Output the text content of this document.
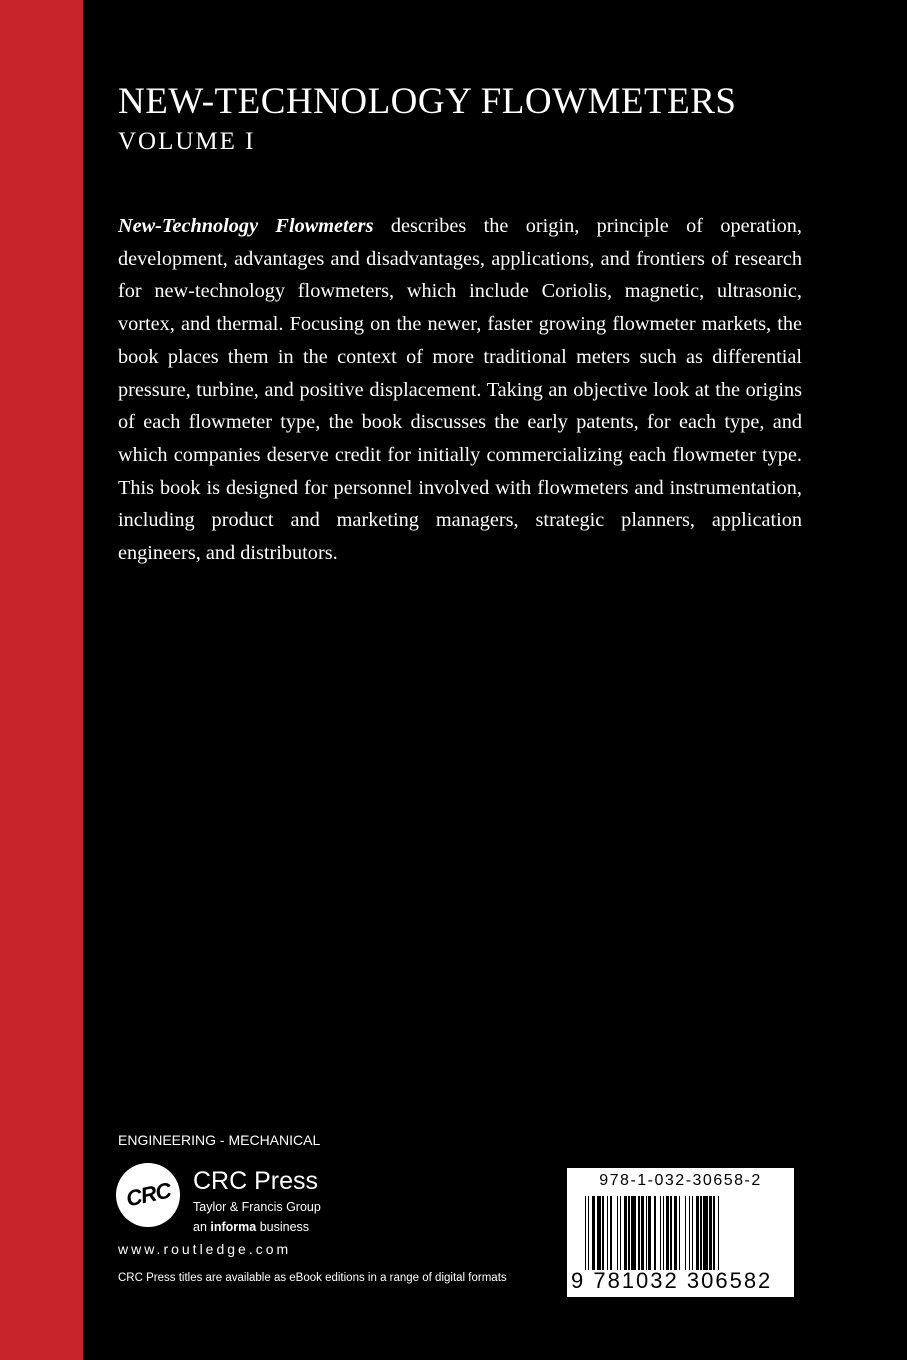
NEW-TECHNOLOGY FLOWMETERS
VOLUME I
New-Technology Flowmeters describes the origin, principle of operation, development, advantages and disadvantages, applications, and frontiers of research for new-technology flowmeters, which include Coriolis, magnetic, ultrasonic, vortex, and thermal. Focusing on the newer, faster growing flowmeter markets, the book places them in the context of more traditional meters such as differential pressure, turbine, and positive displacement. Taking an objective look at the origins of each flowmeter type, the book discusses the early patents, for each type, and which companies deserve credit for initially commercializing each flowmeter type. This book is designed for personnel involved with flowmeters and instrumentation, including product and marketing managers, strategic planners, application engineers, and distributors.
ENGINEERING - MECHANICAL
CRC CRC Press
Taylor & Francis Group
an informa business
www.routledge.com
CRC Press titles are available as eBook editions in a range of digital formats
978-1-032-30658-2
9 781032 306582
